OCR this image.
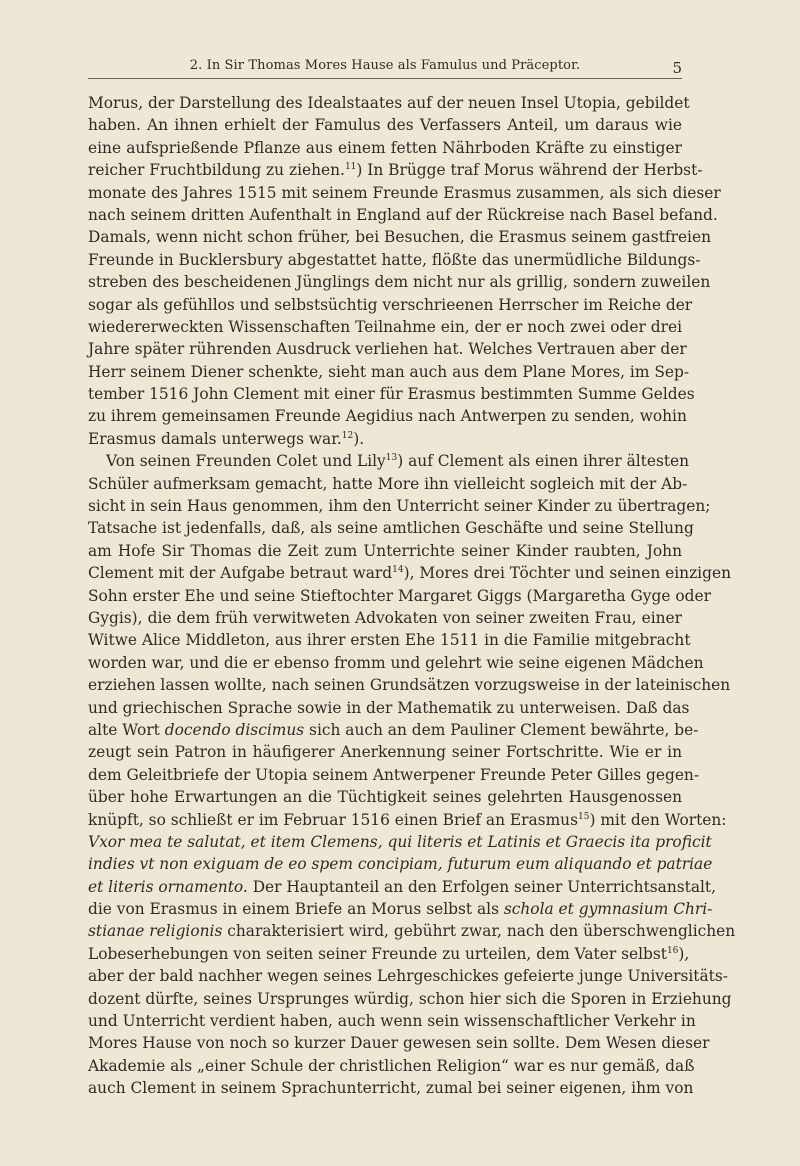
2. In Sir Thomas Mores Hause als Famulus und Präceptor.	5
Morus, der Darstellung des Idealstaates auf der neuen Insel Utopia, gebildet
haben. An ihnen erhielt der Famulus des Verfassers Anteil, um daraus wie
eine aufsprießende Pflanze aus einem fetten Nährboden Kräfte zu einstiger
reicher Fruchtbildung zu ziehen.$^{11}$) In Brügge traf Morus während der Herbst-
monate des Jahres 1515 mit seinem Freunde Erasmus zusammen, als sich dieser
nach seinem dritten Aufenthalt in England auf der Rückreise nach Basel befand.
Damals, wenn nicht schon früher, bei Besuchen, die Erasmus seinem gastfreien
Freunde in Bucklersbury abgestattet hatte, flößte das unermüdliche Bildungs-
streben des bescheidenen Jünglings dem nicht nur als grillig, sondern zuweilen
sogar als gefühllos und selbstsüchtig verschrieenen Herrscher im Reiche der
wiedererweckten Wissenschaften Teilnahme ein, der er noch zwei oder drei
Jahre später rührenden Ausdruck verliehen hat. Welches Vertrauen aber der
Herr seinem Diener schenkte, sieht man auch aus dem Plane Mores, im Sep-
tember 1516 John Clement mit einer für Erasmus bestimmten Summe Geldes
zu ihrem gemeinsamen Freunde Aegidius nach Antwerpen zu senden, wohin
Erasmus damals unterwegs war.$^{12}$).
Von seinen Freunden Colet und Lily$^{13}$) auf Clement als einen ihrer ältesten
Schüler aufmerksam gemacht, hatte More ihn vielleicht sogleich mit der Ab-
sicht in sein Haus genommen, ihm den Unterricht seiner Kinder zu übertragen;
Tatsache ist jedenfalls, daß, als seine amtlichen Geschäfte und seine Stellung
am Hofe Sir Thomas die Zeit zum Unterrichte seiner Kinder raubten, John
Clement mit der Aufgabe betraut ward$^{14}$), Mores drei Töchter und seinen einzigen
Sohn erster Ehe und seine Stieftochter Margaret Giggs (Margaretha Gyge oder
Gygis), die dem früh verwitweten Advokaten von seiner zweiten Frau, einer
Witwe Alice Middleton, aus ihrer ersten Ehe 1511 in die Familie mitgebracht
worden war, und die er ebenso fromm und gelehrt wie seine eigenen Mädchen
erziehen lassen wollte, nach seinen Grundsätzen vorzugsweise in der lateinischen
und griechischen Sprache sowie in der Mathematik zu unterweisen. Daß das
alte Wort docendo discimus sich auch an dem Pauliner Clement bewährte, be-
zeugt sein Patron in häufigerer Anerkennung seiner Fortschritte. Wie er in
dem Geleitbriefe der Utopia seinem Antwerpener Freunde Peter Gilles gegen-
über hohe Erwartungen an die Tüchtigkeit seines gelehrten Hausgenossen
knüpft, so schließt er im Februar 1516 einen Brief an Erasmus$^{15}$) mit den Worten:
Vxor mea te salutat, et item Clemens, qui literis et Latinis et Graecis ita proficit
indies vt non exiguam de eo spem concipiam, futurum eum aliquando et patriae
et literis ornamento. Der Hauptanteil an den Erfolgen seiner Unterrichtsanstalt,
die von Erasmus in einem Briefe an Morus selbst als schola et gymnasium Chri-
stianae religionis charakterisiert wird, gebührt zwar, nach den überschwenglichen
Lobeserhebungen von seiten seiner Freunde zu urteilen, dem Vater selbst$^{16}$),
aber der bald nachher wegen seines Lehrgeschickes gefeierte junge Universitäts-
dozent dürfte, seines Ursprunges würdig, schon hier sich die Sporen in Erziehung
und Unterricht verdient haben, auch wenn sein wissenschaftlicher Verkehr in
Mores Hause von noch so kurzer Dauer gewesen sein sollte. Dem Wesen dieser
Akademie als „einer Schule der christlichen Religion“ war es nur gemäß, daß
auch Clement in seinem Sprachunterricht, zumal bei seiner eigenen, ihm von
